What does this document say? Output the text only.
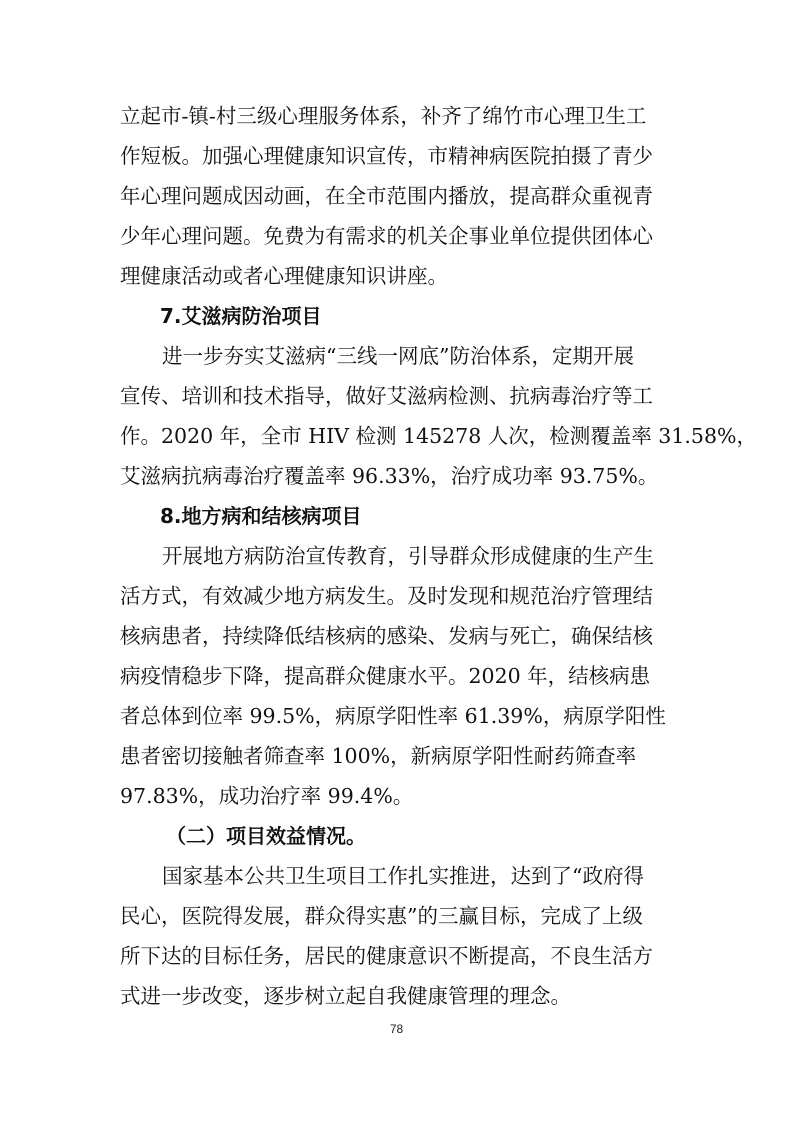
立起市-镇-村三级心理服务体系，补齐了绵竹市心理卫生工
作短板。加强心理健康知识宣传，市精神病医院拍摄了青少
年心理问题成因动画，在全市范围内播放，提高群众重视青
少年心理问题。免费为有需求的机关企事业单位提供团体心
理健康活动或者心理健康知识讲座。
7.艾滋病防治项目
进一步夯实艾滋病“三线一网底”防治体系，定期开展
宣传、培训和技术指导，做好艾滋病检测、抗病毒治疗等工
作。2020 年，全市 HIV 检测 145278 人次，检测覆盖率 31.58%，
艾滋病抗病毒治疗覆盖率 96.33%，治疗成功率 93.75%。
8.地方病和结核病项目
开展地方病防治宣传教育，引导群众形成健康的生产生
活方式，有效减少地方病发生。及时发现和规范治疗管理结
核病患者，持续降低结核病的感染、发病与死亡，确保结核
病疫情稳步下降，提高群众健康水平。2020 年，结核病患
者总体到位率 99.5%，病原学阳性率 61.39%，病原学阳性
患者密切接触者筛查率 100%，新病原学阳性耐药筛查率
97.83%，成功治疗率 99.4%。
（二）项目效益情况。
国家基本公共卫生项目工作扎实推进，达到了“政府得
民心，医院得发展，群众得实惠”的三赢目标，完成了上级
所下达的目标任务，居民的健康意识不断提高，不良生活方
式进一步改变，逐步树立起自我健康管理的理念。
78
